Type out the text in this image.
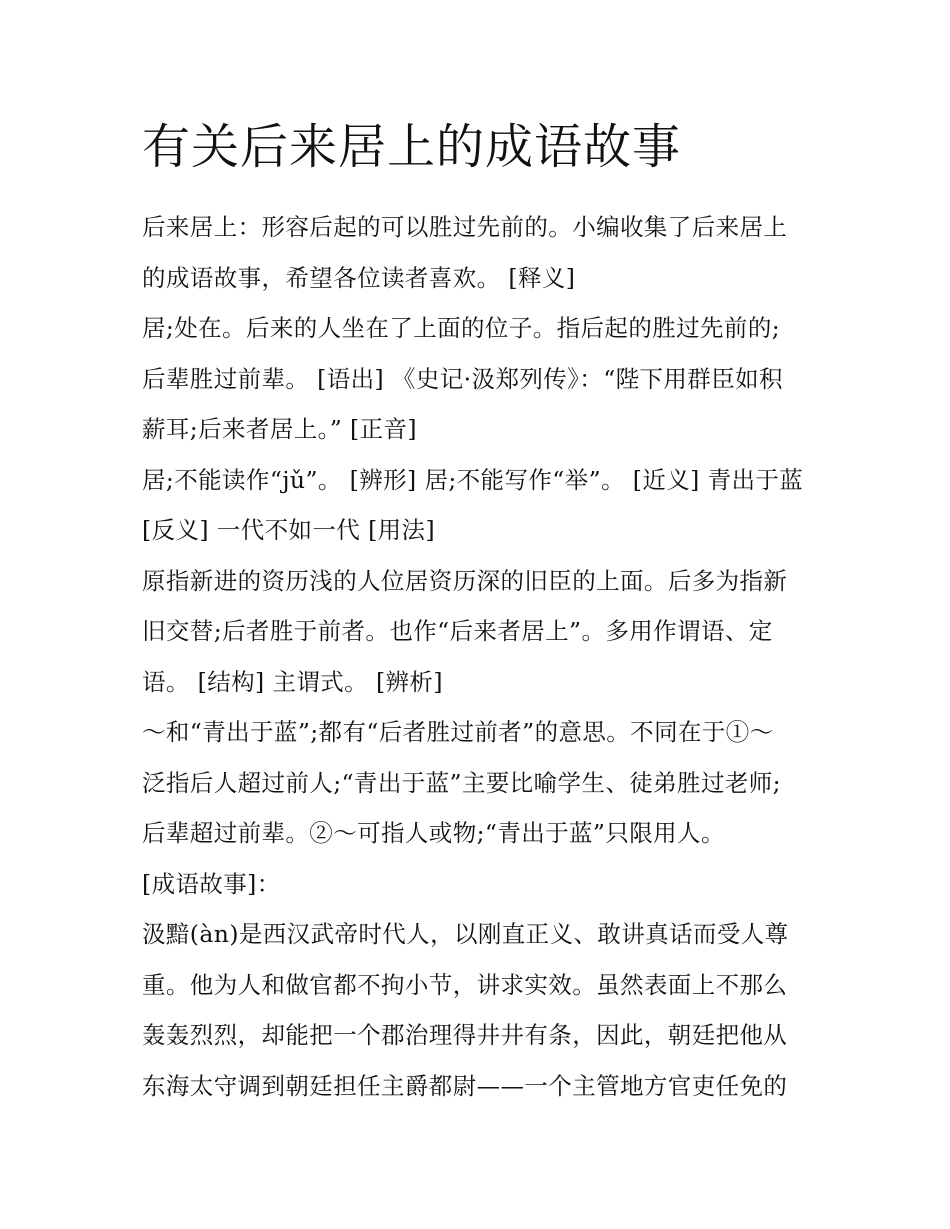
有关后来居上的成语故事
后来居上：形容后起的可以胜过先前的。小编收集了后来居上
的成语故事，希望各位读者喜欢。 [释义]
居;处在。后来的人坐在了上面的位子。指后起的胜过先前的;
后辈胜过前辈。 [语出] 《史记·汲郑列传》：“陛下用群臣如积
薪耳;后来者居上。” [正音]
居;不能读作“jǔ”。 [辨形] 居;不能写作“举”。 [近义] 青出于蓝
[反义] 一代不如一代 [用法]
原指新进的资历浅的人位居资历深的旧臣的上面。后多为指新
旧交替;后者胜于前者。也作“后来者居上”。多用作谓语、定
语。 [结构] 主谓式。 [辨析]
～和“青出于蓝”;都有“后者胜过前者”的意思。不同在于①～
泛指后人超过前人;“青出于蓝”主要比喻学生、徒弟胜过老师;
后辈超过前辈。②～可指人或物;“青出于蓝”只限用人。
[成语故事]：
汲黯(àn)是西汉武帝时代人，以刚直正义、敢讲真话而受人尊
重。他为人和做官都不拘小节，讲求实效。虽然表面上不那么
轰轰烈烈，却能把一个郡治理得井井有条，因此，朝廷把他从
东海太守调到朝廷担任主爵都尉——一个主管地方官吏任免的
